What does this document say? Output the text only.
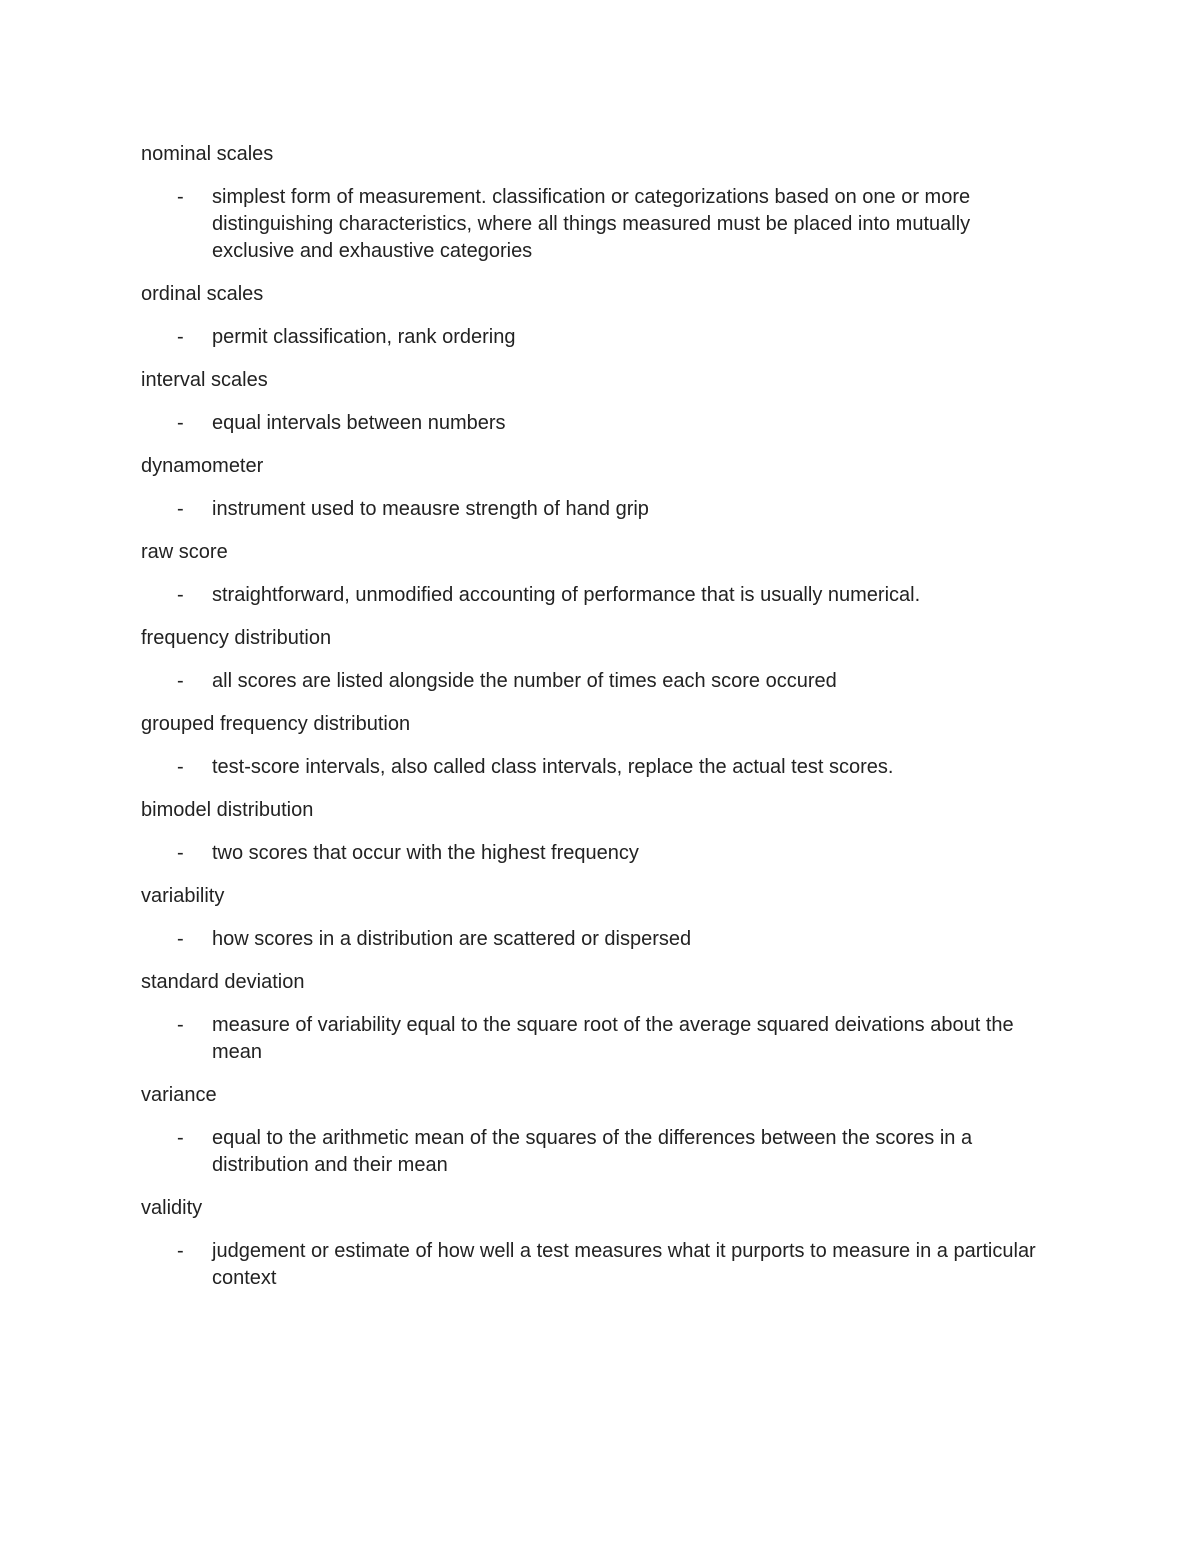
nominal scales

-	simplest form of measurement. classification or categorizations based on one or more distinguishing characteristics, where all things measured must be placed into mutually exclusive and exhaustive categories

ordinal scales

-	permit classification, rank ordering

interval scales

-	equal intervals between numbers

dynamometer

-	instrument used to meausre strength of hand grip

raw score

-	straightforward, unmodified accounting of performance that is usually numerical.

frequency distribution

-	all scores are listed alongside the number of times each score occured

grouped frequency distribution

-	test-score intervals, also called class intervals, replace the actual test scores.

bimodel distribution

-	two scores that occur with the highest frequency

variability

-	how scores in a distribution are scattered or dispersed

standard deviation

-	measure of variability equal to the square root of the average squared deivations about the mean

variance

-	equal to the arithmetic mean of the squares of the differences between the scores in a distribution and their mean

validity

-	judgement or estimate of how well a test measures what it purports to measure in a particular context
